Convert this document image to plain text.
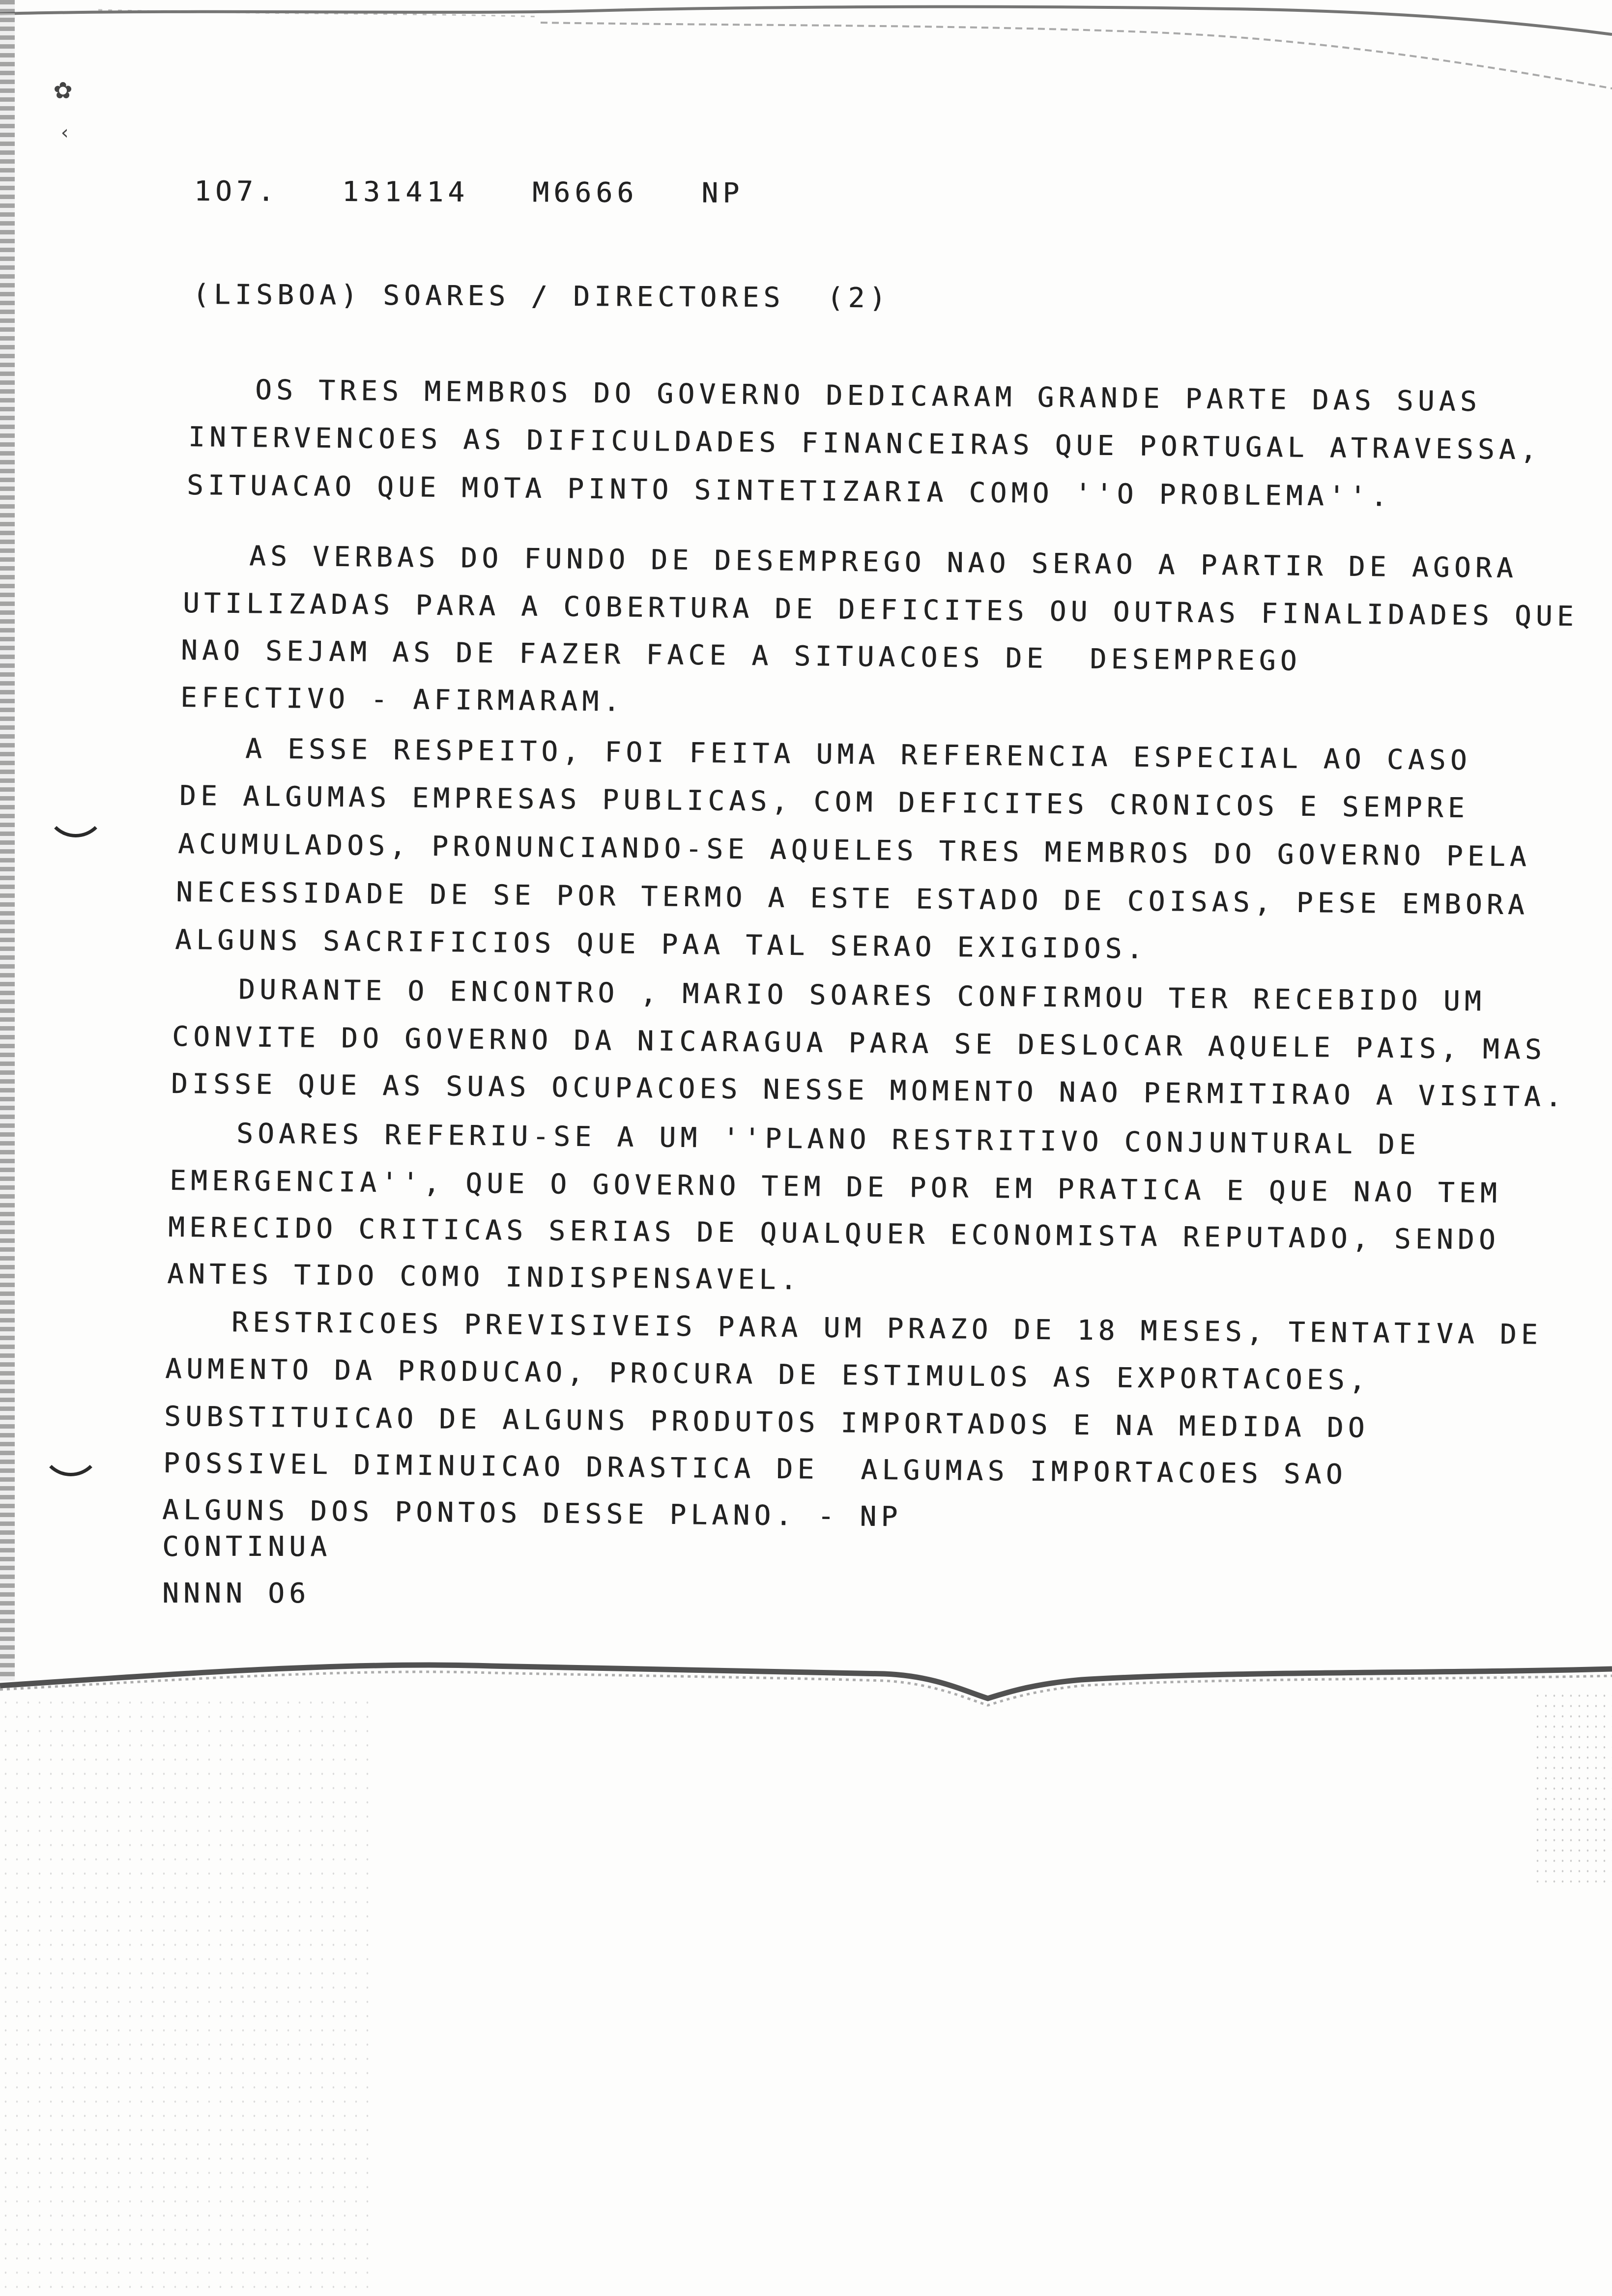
✿
‹
1O7.   131414   M6666   NP
(LISBOA) SOARES / DIRECTORES  (2)
OS TRES MEMBROS DO GOVERNO DEDICARAM GRANDE PARTE DAS SUAS
INTERVENCOES AS DIFICULDADES FINANCEIRAS QUE PORTUGAL ATRAVESSA,
SITUACAO QUE MOTA PINTO SINTETIZARIA COMO ''O PROBLEMA''.
AS VERBAS DO FUNDO DE DESEMPREGO NAO SERAO A PARTIR DE AGORA
UTILIZADAS PARA A COBERTURA DE DEFICITES OU OUTRAS FINALIDADES QUE
NAO SEJAM AS DE FAZER FACE A SITUACOES DE  DESEMPREGO
EFECTIVO - AFIRMARAM.
A ESSE RESPEITO, FOI FEITA UMA REFERENCIA ESPECIAL AO CASO
DE ALGUMAS EMPRESAS PUBLICAS, COM DEFICITES CRONICOS E SEMPRE
ACUMULADOS, PRONUNCIANDO-SE AQUELES TRES MEMBROS DO GOVERNO PELA
NECESSIDADE DE SE POR TERMO A ESTE ESTADO DE COISAS, PESE EMBORA
ALGUNS SACRIFICIOS QUE PAA TAL SERAO EXIGIDOS.
DURANTE O ENCONTRO , MARIO SOARES CONFIRMOU TER RECEBIDO UM
CONVITE DO GOVERNO DA NICARAGUA PARA SE DESLOCAR AQUELE PAIS, MAS
DISSE QUE AS SUAS OCUPACOES NESSE MOMENTO NAO PERMITIRAO A VISITA.
SOARES REFERIU-SE A UM ''PLANO RESTRITIVO CONJUNTURAL DE
EMERGENCIA'', QUE O GOVERNO TEM DE POR EM PRATICA E QUE NAO TEM
MERECIDO CRITICAS SERIAS DE QUALQUER ECONOMISTA REPUTADO, SENDO
ANTES TIDO COMO INDISPENSAVEL.
RESTRICOES PREVISIVEIS PARA UM PRAZO DE 18 MESES, TENTATIVA DE
AUMENTO DA PRODUCAO, PROCURA DE ESTIMULOS AS EXPORTACOES,
SUBSTITUICAO DE ALGUNS PRODUTOS IMPORTADOS E NA MEDIDA DO
POSSIVEL DIMINUICAO DRASTICA DE  ALGUMAS IMPORTACOES SAO
ALGUNS DOS PONTOS DESSE PLANO. - NP
CONTINUA
NNNN O6
